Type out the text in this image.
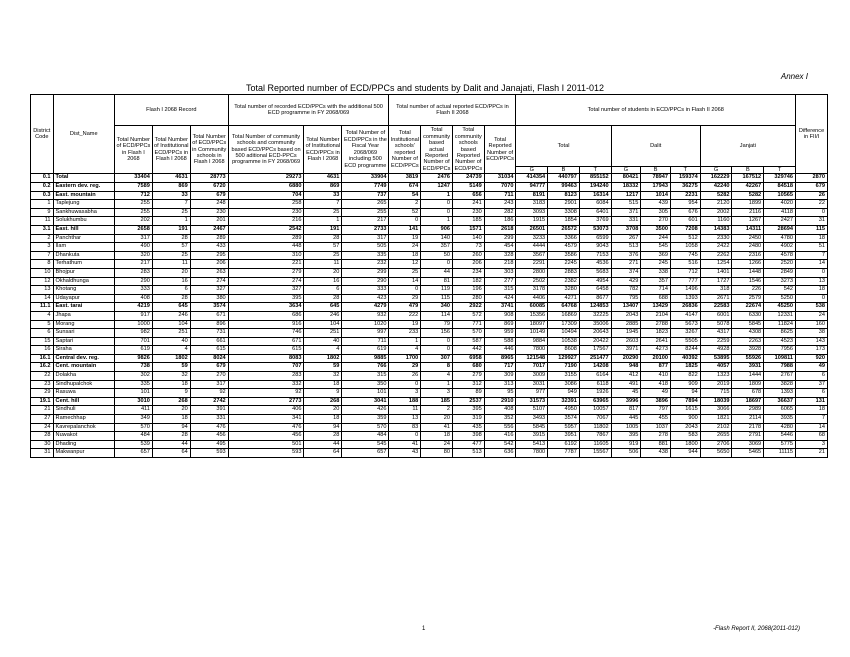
Annex I
Total Reported number of ECD/PPCs and students by Dalit and Janajati, Flash I 2011-012
District Code	Dist_Name	Flash I 2068 Record			Total number of recorded ECD/PPCs with the additional 500 ECD programme in FY 2068/069			Total number of actual reported ECD/PPCs in Flash II 2068				Total number of students in ECD/PPCs in Flash II 2068									Difference in FII/I
		Total Number of ECD/PPCs in Flash I 2068	Total Number of Institutional ECD/PPCs in Flash I 2068	Total Number of ECD/PPCs in Community schools in Flash I 2068	Total Number of community schools and community based ECD/PPCs based on 500 aditional ECD-PPCs programme in FY 2068/069	Total Number of Institutional ECD/PPCs in Flash I 2068	Total Number of ECD/PPCs in the Fiscal Year 2068/069 including 500 ECD programme	Total Institutional schools' reported Number of ECD/PPCs	Total community based actual Reported Number of ECD/PPCs	Total community schools based Reported Number of ECD/PPCs	Total Reported Number of ECD/PPCs	Total			Dalit			Janjati			
												G	B	T	G	B	T	G	B	T	
0.1	Total	33404	4631	28773	29273	4631	33904	3819	2476	24739	31034	414354	440797	855152	80421	78947	159374	162229	167512	329746	2870
0.2	Eastern dev. reg.	7589	869	6720	6880	869	7749	674	1247	5149	7070	94777	99463	194240	18332	17943	36275	42240	42267	84518	679
0.3	East. mountain	712	33	679	704	33	737	54	1	656	711	8191	8123	16314	1217	1014	2231	5282	5282	10565	26
1	Taplejung	255	7	248	258	7	265	2	0	241	243	3183	2901	6084	515	439	954	2120	1899	4020	22
9	Sankhuwasabha	255	25	230	230	25	255	52	0	230	282	3093	3308	6401	371	305	676	2002	2116	4118	0
11	Solukhumbu	202	1	201	216	1	217	0	1	185	186	1915	1854	3769	331	270	601	1160	1267	2427	31
3.1	East. hill	2658	191	2467	2542	191	2733	141	906	1571	2618	26501	26572	53073	3708	3500	7208	14383	14311	28694	115
2	Panchthar	317	28	289	289	28	317	19	140	140	299	3233	3366	6599	267	244	512	2330	2450	4780	18
3	Ilam	490	57	433	448	57	505	24	357	73	454	4444	4579	9043	513	545	1058	2422	2480	4902	51
7	Dhankuta	320	25	295	310	25	335	18	50	260	328	3567	3586	7153	376	369	745	2262	2316	4578	7
8	Terhathum	217	11	206	221	11	232	12	0	206	218	2291	2245	4536	271	245	516	1254	1266	2520	14
10	Bhojpur	283	20	263	279	20	299	25	44	234	303	2800	2883	5683	374	338	712	1401	1448	2849	0
12	Okhaldhunga	290	16	274	274	16	290	14	81	182	277	2502	2382	4954	429	357	777	1727	1546	3273	13
13	Khotang	333	6	327	327	6	333	0	119	196	315	3178	3280	6458	782	714	1496	318	226	542	18
14	Udayapur	408	28	380	395	28	423	29	115	280	424	4406	4271	8677	795	688	1393	2671	2579	5250	0
11.1	East. tarai	4219	645	3574	3634	645	4279	479	340	2922	3741	60085	64768	124853	13407	13429	26836	22583	22674	45250	538
4	Jhapa	917	246	671	686	246	932	222	114	572	908	15356	16869	32225	2043	2104	4147	6001	6330	12331	24
5	Morang	1000	104	896	916	104	1020	19	79	771	869	18097	17309	35006	2885	2788	5673	5078	5845	11824	160
6	Sunsari	982	251	731	746	251	997	233	156	570	959	10149	10494	20643	1945	1823	3267	4317	4308	8625	38
15	Saptari	701	40	661	671	40	711	1	0	587	588	9884	10538	20422	2603	2641	5505	2259	2263	4523	143
16	Siraha	619	4	615	615	4	619	4	0	442	446	7800	8608	17567	3971	4273	8244	4928	3928	7956	173
16.1	Central dev. reg.	9826	1802	8024	8083	1802	9885	1700	307	6958	8965	121548	129927	251477	20290	20100	40392	53895	55926	109811	920
16.2	Cent. mountain	738	59	679	707	59	766	29	8	680	717	7017	7190	14208	948	877	1825	4057	3931	7988	49
22	Dolakha	302	32	270	283	32	315	26	4	279	309	3009	3155	6164	412	410	822	1323	1444	2767	6
23	Sindhupalchok	335	18	317	332	18	350	0	1	312	313	3031	3086	6118	491	418	909	2019	1809	3828	37
29	Rasuwa	101	9	92	92	9	101	3	3	89	95	977	949	1926	45	49	94	715	678	1393	6
19.1	Cent. hill	3010	268	2742	2773	268	3041	188	185	2537	2910	31573	32391	63965	3996	3896	7894	18039	18697	36637	131
21	Sindhuli	411	20	391	406	20	426	11	2	395	408	5107	4950	10057	817	797	1615	3066	2989	6065	18
27	Ramechhap	349	18	331	341	18	359	13	20	319	352	3493	3574	7067	445	455	900	1821	2114	3935	7
24	Kavrepalanchok	570	94	476	476	94	570	83	41	435	556	5845	5957	11802	1005	1037	2043	2102	2178	4280	14
28	Nuwakot	484	28	456	456	28	484	0	18	398	416	3915	3951	7867	395	278	583	2655	2791	5446	68
30	Dhading	539	44	495	501	44	545	41	24	477	542	5413	6192	11605	919	881	1800	2706	3069	5775	3
31	Makwanpur	657	64	593	593	64	657	43	80	513	636	7800	7787	15567	506	438	944	5650	5465	11115	21
1	-Flash Report II, 2068(2011-012)
